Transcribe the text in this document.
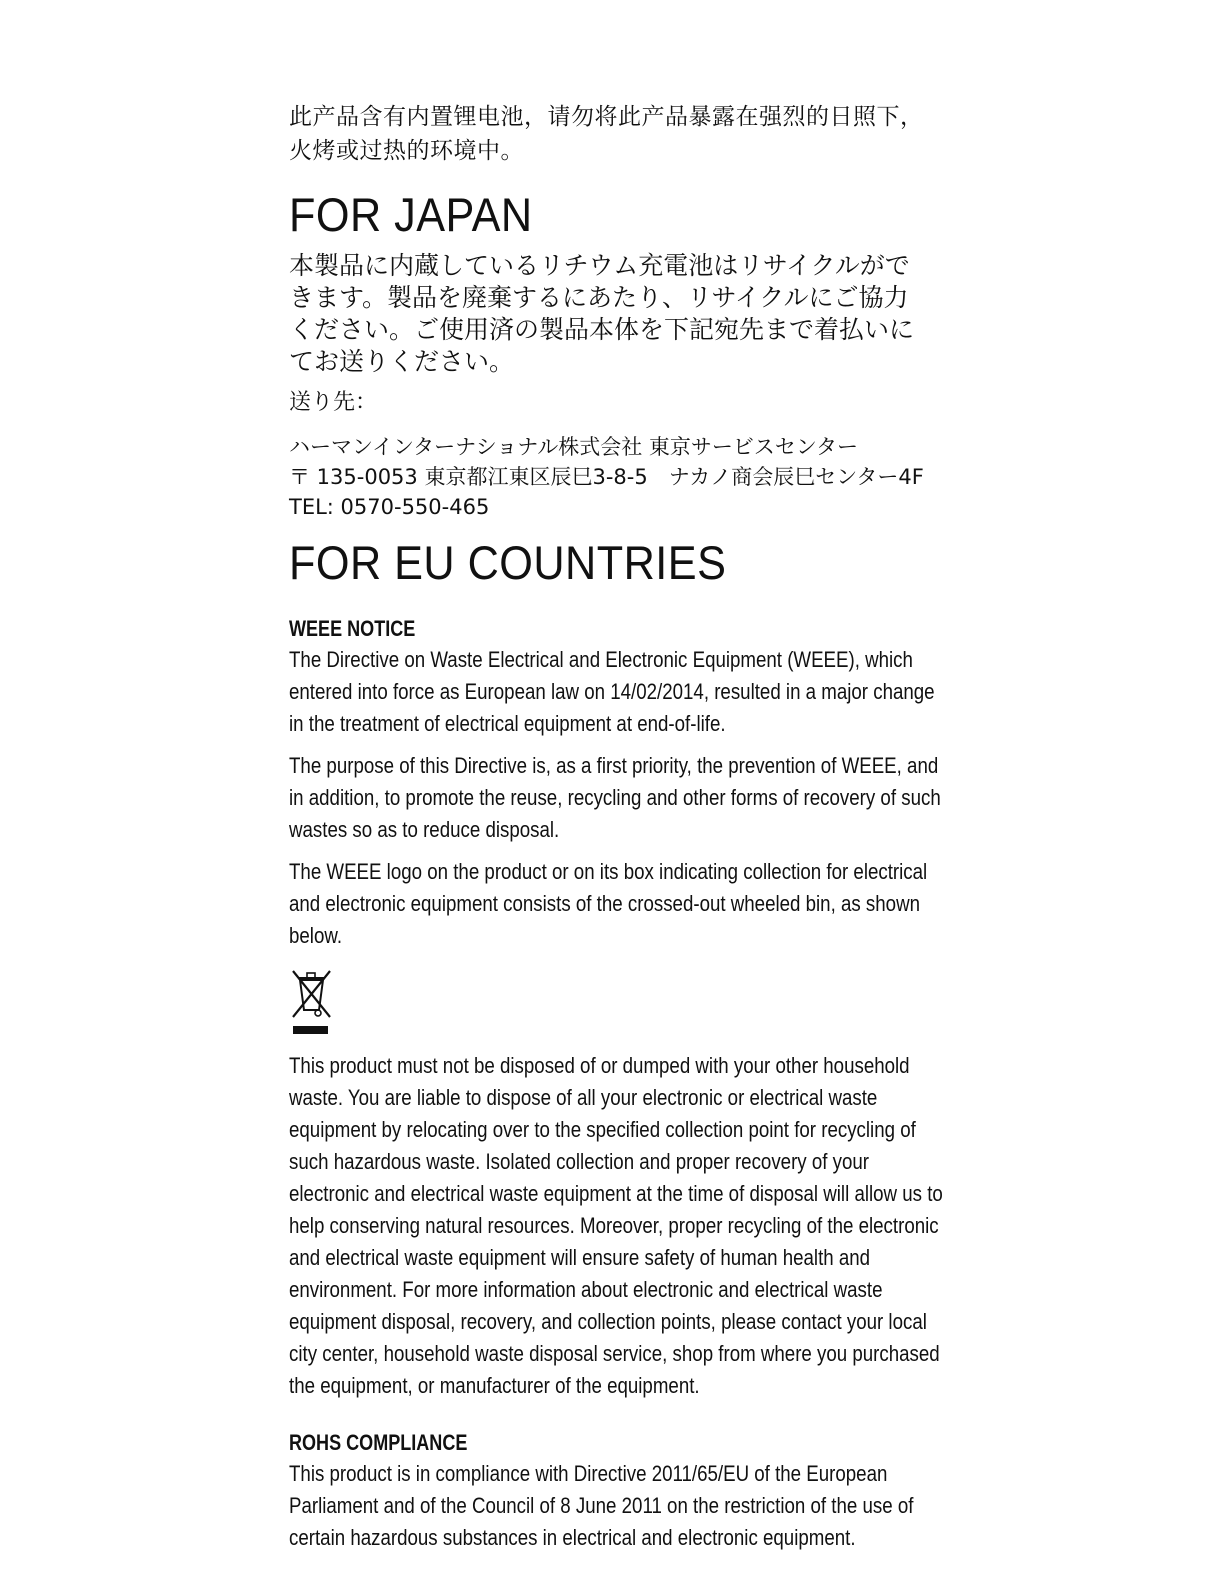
此产品含有内置锂电池，请勿将此产品暴露在强烈的日照下，火烤或过热的环境中。

FOR JAPAN

本製品に内蔵しているリチウム充電池はリサイクルができます。製品を廃棄するにあたり、リサイクルにご協力ください。ご使用済の製品本体を下記宛先まで着払いにてお送りください。

送り先：

ハーマンインターナショナル株式会社 東京サービスセンター
〒 135-0053 東京都江東区辰巳3-8-5　ナカノ商会辰巳センター4F
TEL: 0570-550-465
FOR EU COUNTRIES
WEEE NOTICE

The Directive on Waste Electrical and Electronic Equipment (WEEE), which entered into force as European law on 14/02/2014, resulted in a major change in the treatment of electrical equipment at end-of-life.

The purpose of this Directive is, as a first priority, the prevention of WEEE, and in addition, to promote the reuse, recycling and other forms of recovery of such wastes so as to reduce disposal.

The WEEE logo on the product or on its box indicating collection for electrical and electronic equipment consists of the crossed-out wheeled bin, as shown below.

This product must not be disposed of or dumped with your other household waste. You are liable to dispose of all your electronic or electrical waste equipment by relocating over to the specified collection point for recycling of such hazardous waste. Isolated collection and proper recovery of your electronic and electrical waste equipment at the time of disposal will allow us to help conserving natural resources. Moreover, proper recycling of the electronic and electrical waste equipment will ensure safety of human health and environment. For more information about electronic and electrical waste equipment disposal, recovery, and collection points, please contact your local city center, household waste disposal service, shop from where you purchased the equipment, or manufacturer of the equipment.

ROHS COMPLIANCE

This product is in compliance with Directive 2011/65/EU of the European Parliament and of the Council of 8 June 2011 on the restriction of the use of certain hazardous substances in electrical and electronic equipment.
